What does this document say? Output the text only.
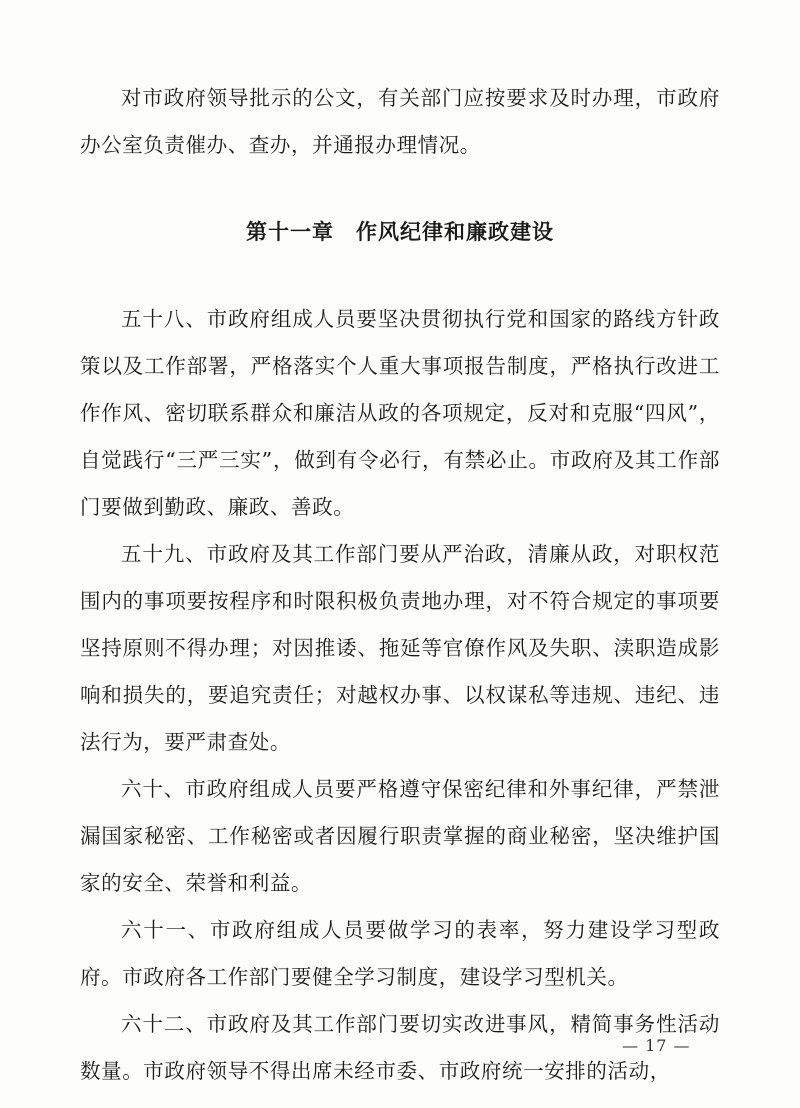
对市政府领导批示的公文，有关部门应按要求及时办理，市政府办公室负责催办、查办，并通报办理情况。

第十一章　作风纪律和廉政建设

五十八、市政府组成人员要坚决贯彻执行党和国家的路线方针政策以及工作部署，严格落实个人重大事项报告制度，严格执行改进工作作风、密切联系群众和廉洁从政的各项规定，反对和克服“四风”，自觉践行“三严三实”，做到有令必行，有禁必止。市政府及其工作部门要做到勤政、廉政、善政。

五十九、市政府及其工作部门要从严治政，清廉从政，对职权范围内的事项要按程序和时限积极负责地办理，对不符合规定的事项要坚持原则不得办理；对因推诿、拖延等官僚作风及失职、渎职造成影响和损失的，要追究责任；对越权办事、以权谋私等违规、违纪、违法行为，要严肃查处。

六十、市政府组成人员要严格遵守保密纪律和外事纪律，严禁泄漏国家秘密、工作秘密或者因履行职责掌握的商业秘密，坚决维护国家的安全、荣誉和利益。

六十一、市政府组成人员要做学习的表率，努力建设学习型政府。市政府各工作部门要健全学习制度，建设学习型机关。

六十二、市政府及其工作部门要切实改进事风，精简事务性活动数量。市政府领导不得出席未经市委、市政府统一安排的活动，

— 17 —
